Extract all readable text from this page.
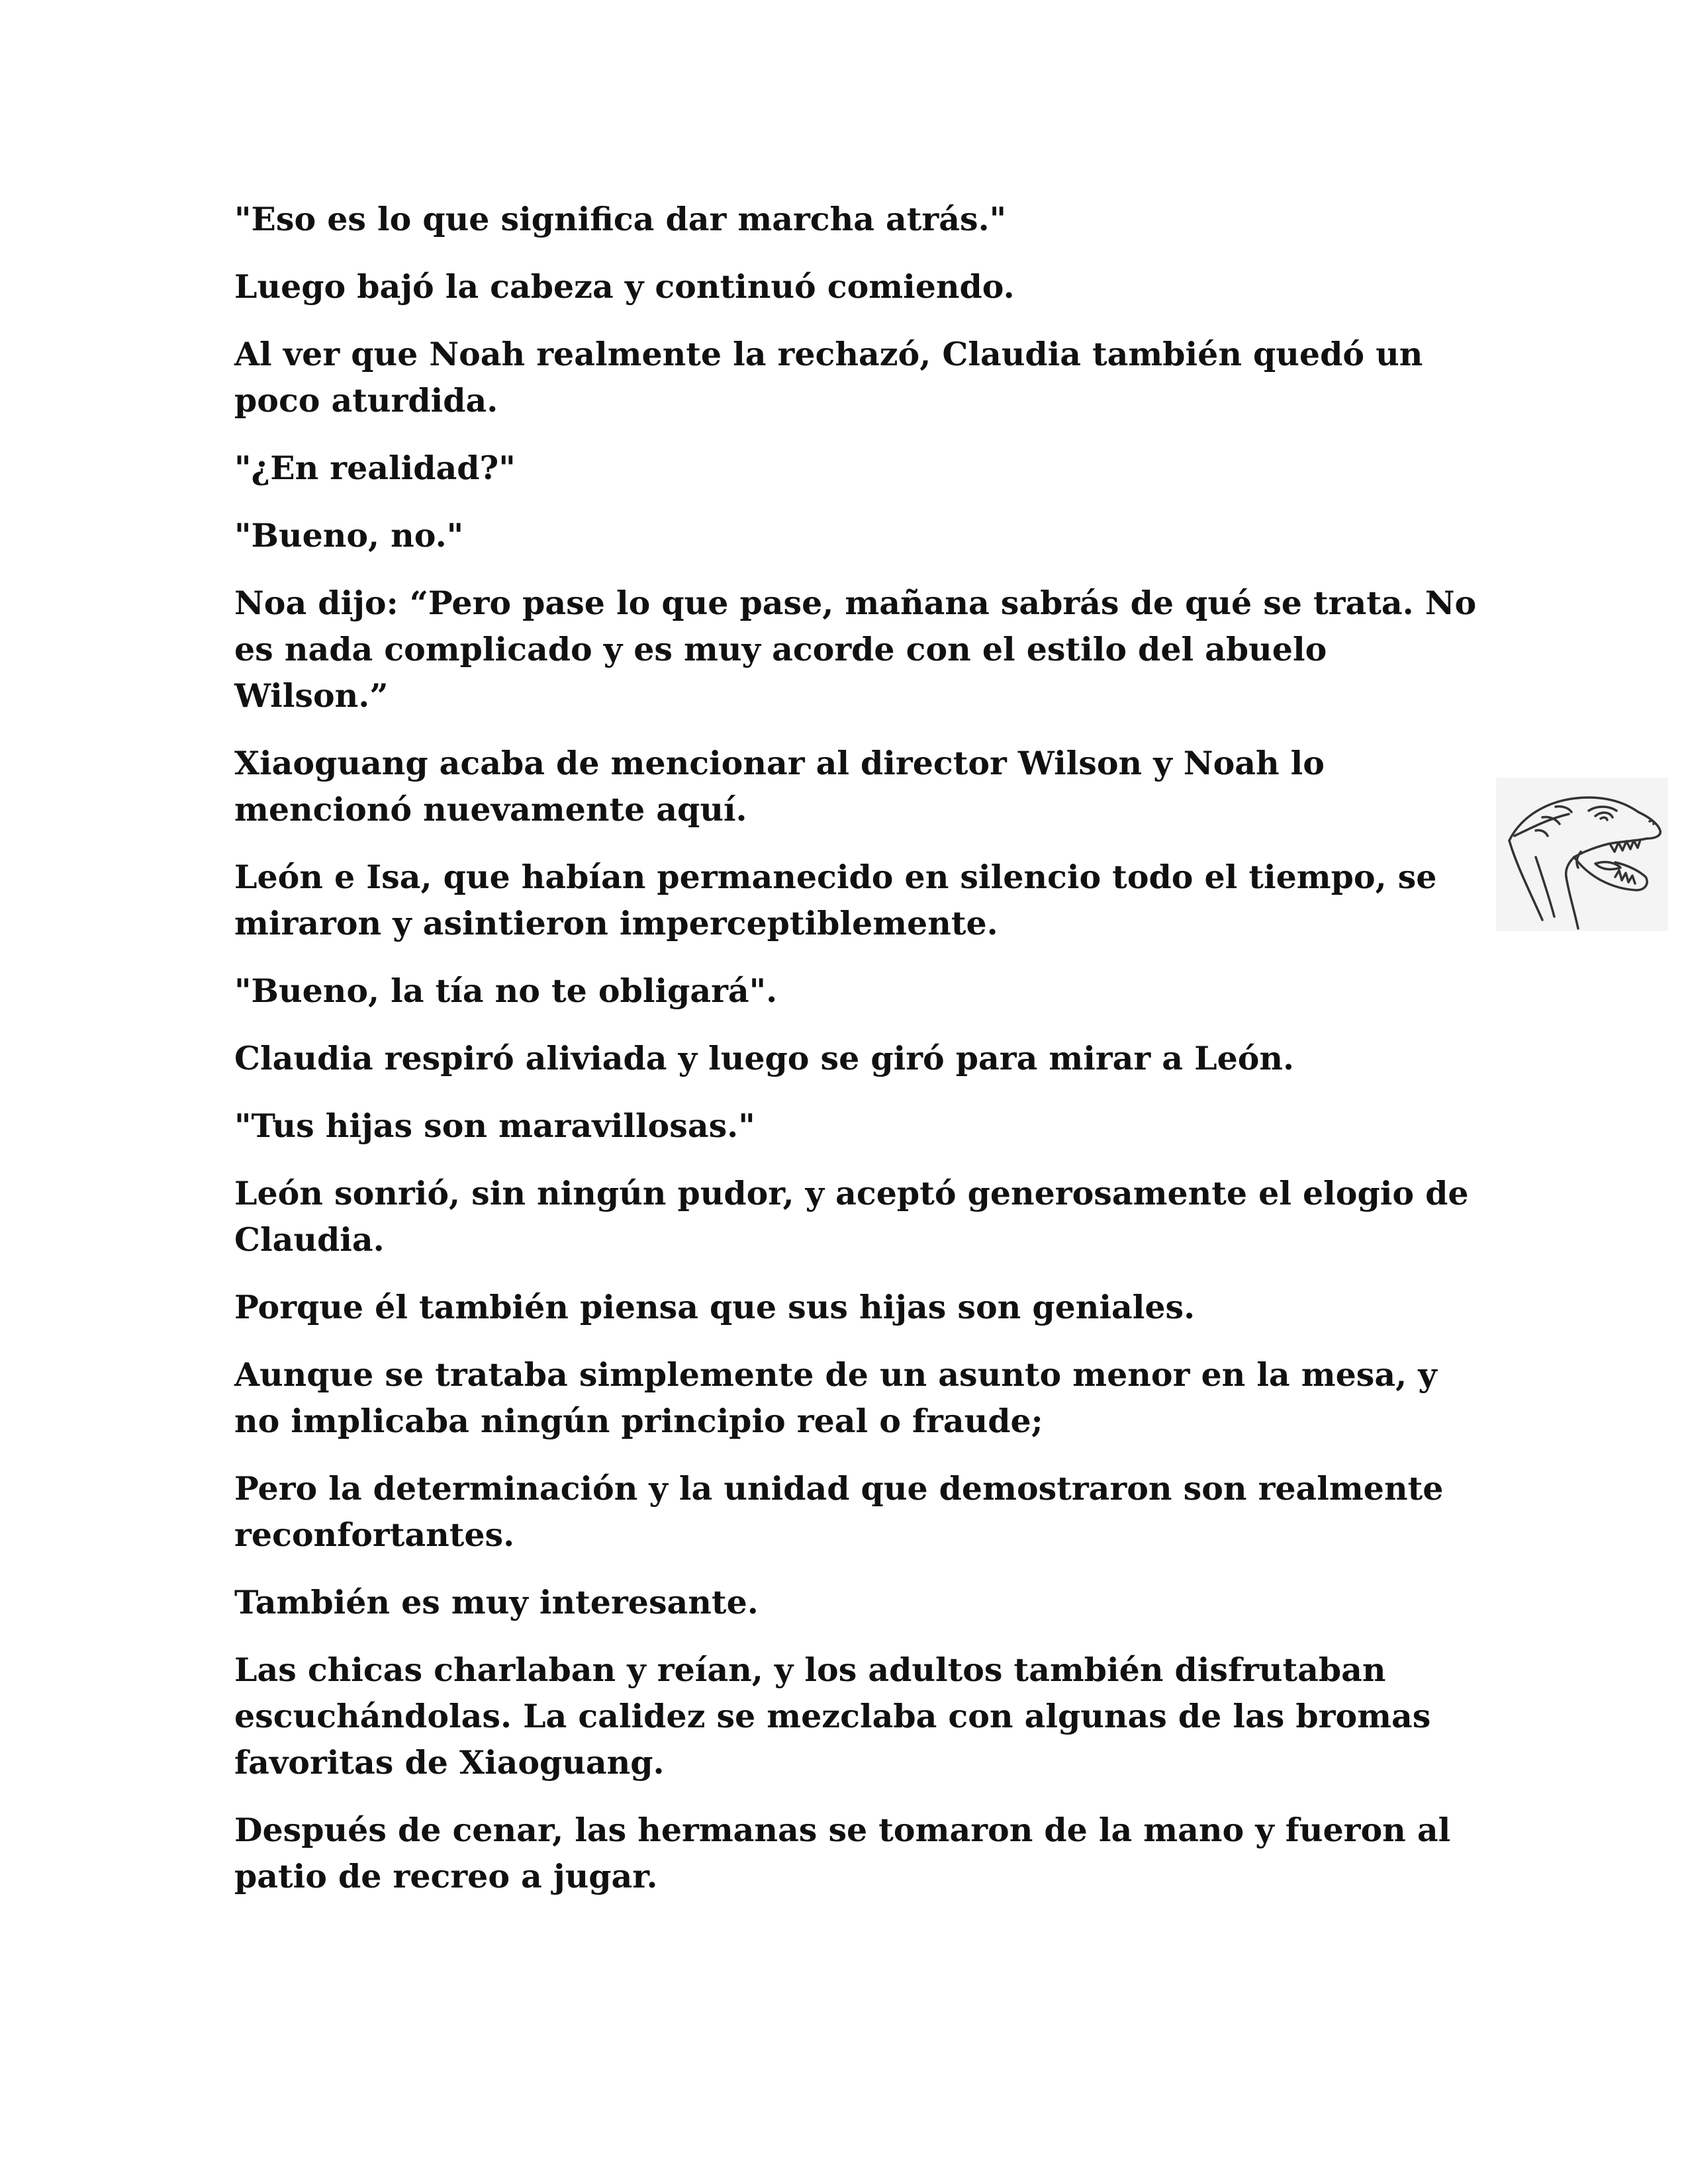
"Eso es lo que significa dar marcha atrás."

Luego bajó la cabeza y continuó comiendo.

Al ver que Noah realmente la rechazó, Claudia también quedó un poco aturdida.

"¿En realidad?"

"Bueno, no."

Noa dijo: “Pero pase lo que pase, mañana sabrás de qué se trata. No es nada complicado y es muy acorde con el estilo del abuelo Wilson.”

Xiaoguang acaba de mencionar al director Wilson y Noah lo mencionó nuevamente aquí.

León e Isa, que habían permanecido en silencio todo el tiempo, se miraron y asintieron imperceptiblemente.

"Bueno, la tía no te obligará".

Claudia respiró aliviada y luego se giró para mirar a León.

"Tus hijas son maravillosas."

León sonrió, sin ningún pudor, y aceptó generosamente el elogio de Claudia.

Porque él también piensa que sus hijas son geniales.

Aunque se trataba simplemente de un asunto menor en la mesa, y no implicaba ningún principio real o fraude;

Pero la determinación y la unidad que demostraron son realmente reconfortantes.

También es muy interesante.

Las chicas charlaban y reían, y los adultos también disfrutaban escuchándolas. La calidez se mezclaba con algunas de las bromas favoritas de Xiaoguang.

Después de cenar, las hermanas se tomaron de la mano y fueron al patio de recreo a jugar.
